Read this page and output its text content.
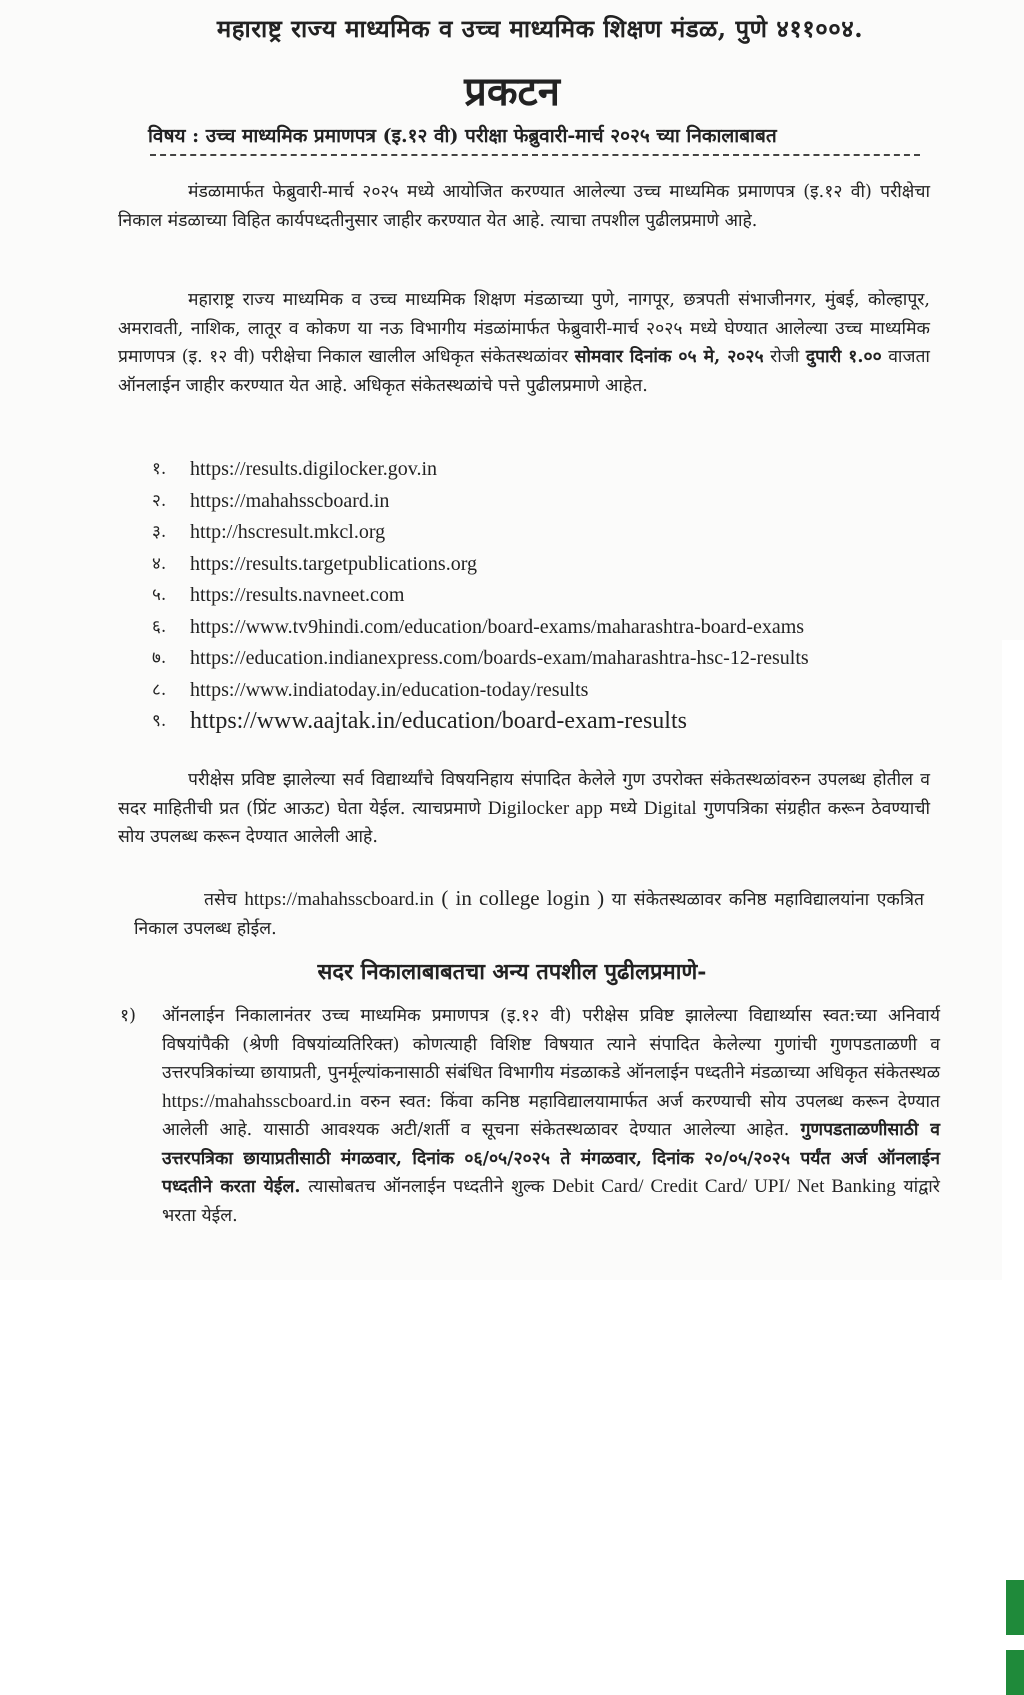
महाराष्ट्र राज्य माध्यमिक व उच्च माध्यमिक शिक्षण मंडळ, पुणे ४११००४.
प्रकटन
विषय : उच्च माध्यमिक प्रमाणपत्र (इ.१२ वी) परीक्षा फेब्रुवारी-मार्च २०२५ च्या निकालाबाबत
मंडळामार्फत फेब्रुवारी-मार्च २०२५ मध्ये आयोजित करण्यात आलेल्या उच्च माध्यमिक प्रमाणपत्र (इ.१२ वी) परीक्षेचा निकाल मंडळाच्या विहित कार्यपध्दतीनुसार जाहीर करण्यात येत आहे. त्याचा तपशील पुढीलप्रमाणे आहे.
महाराष्ट्र राज्य माध्यमिक व उच्च माध्यमिक शिक्षण मंडळाच्या पुणे, नागपूर, छत्रपती संभाजीनगर, मुंबई, कोल्हापूर, अमरावती, नाशिक, लातूर व कोकण या नऊ विभागीय मंडळांमार्फत फेब्रुवारी-मार्च २०२५ मध्ये घेण्यात आलेल्या उच्च माध्यमिक प्रमाणपत्र (इ. १२ वी) परीक्षेचा निकाल खालील अधिकृत संकेतस्थळांवर सोमवार दिनांक ०५ मे, २०२५ रोजी दुपारी १.०० वाजता ऑनलाईन जाहीर करण्यात येत आहे. अधिकृत संकेतस्थळांचे पत्ते पुढीलप्रमाणे आहेत.
१.	https://results.digilocker.gov.in
२.	https://mahahsscboard.in
३.	http://hscresult.mkcl.org
४.	https://results.targetpublications.org
५.	https://results.navneet.com
६.	https://www.tv9hindi.com/education/board-exams/maharashtra-board-exams
७.	https://education.indianexpress.com/boards-exam/maharashtra-hsc-12-results
८.	https://www.indiatoday.in/education-today/results
९. https://www.aajtak.in/education/board-exam-results
परीक्षेस प्रविष्ट झालेल्या सर्व विद्यार्थ्यांचे विषयनिहाय संपादित केलेले गुण उपरोक्त संकेतस्थळांवरुन उपलब्ध होतील व सदर माहितीची प्रत (प्रिंट आऊट) घेता येईल. त्याचप्रमाणे Digilocker app मध्ये Digital गुणपत्रिका संग्रहीत करून ठेवण्याची सोय उपलब्ध करून देण्यात आलेली आहे.
तसेच https://mahahsscboard.in ( in college login ) या संकेतस्थळावर कनिष्ठ महाविद्यालयांना एकत्रित निकाल उपलब्ध होईल.
सदर निकालाबाबतचा अन्य तपशील पुढीलप्रमाणे-
१)	ऑनलाईन निकालानंतर उच्च माध्यमिक प्रमाणपत्र (इ.१२ वी) परीक्षेस प्रविष्ट झालेल्या विद्यार्थ्यास स्वत:च्या अनिवार्य विषयांपैकी (श्रेणी विषयांव्यतिरिक्त) कोणत्याही विशिष्ट विषयात त्याने संपादित केलेल्या गुणांची गुणपडताळणी व उत्तरपत्रिकांच्या छायाप्रती, पुनर्मूल्यांकनासाठी संबंधित विभागीय मंडळाकडे ऑनलाईन पध्दतीने मंडळाच्या अधिकृत संकेतस्थळ https://mahahsscboard.in वरुन स्वत: किंवा कनिष्ठ महाविद्यालयामार्फत अर्ज करण्याची सोय उपलब्ध करून देण्यात आलेली आहे. यासाठी आवश्यक अटी/शर्ती व सूचना संकेतस्थळावर देण्यात आलेल्या आहेत. गुणपडताळणीसाठी व उत्तरपत्रिका छायाप्रतीसाठी मंगळवार, दिनांक ०६/०५/२०२५ ते मंगळवार, दिनांक २०/०५/२०२५ पर्यंत अर्ज ऑनलाईन पध्दतीने करता येईल. त्यासोबतच ऑनलाईन पध्दतीने शुल्क Debit Card/ Credit Card/ UPI/ Net Banking यांद्वारे भरता येईल.
